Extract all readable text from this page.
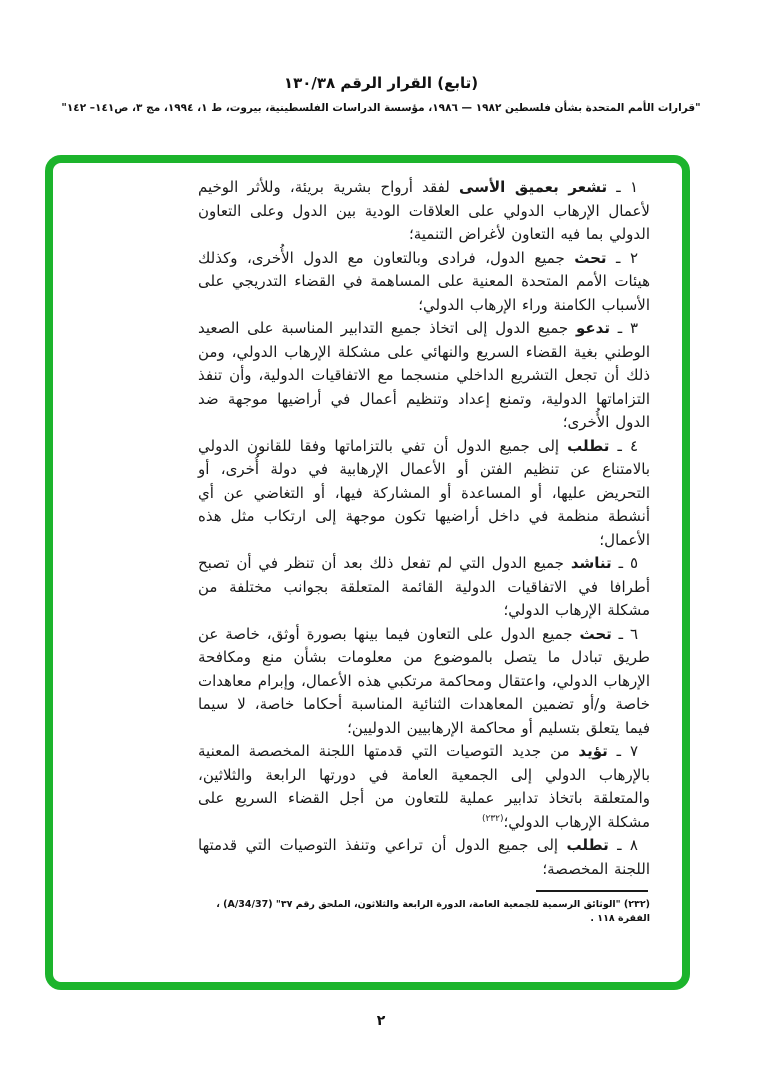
(تابع) القرار الرقم ١٣٠/٣٨
"قرارات الأمم المتحدة بشأن فلسطين ١٩٨٢ — ١٩٨٦، مؤسسة الدراسات الفلسطينية، بيروت، ط ١، ١٩٩٤، مج ٣، ص١٤١– ١٤٢"

١ ـ تشعر بعميق الأسى لفقد أرواح بشرية بريئة، وللأثر الوخيم لأعمال الإرهاب الدولي على العلاقات الودية بين الدول وعلى التعاون الدولي بما فيه التعاون لأغراض التنمية؛

٢ ـ تحث جميع الدول، فرادى وبالتعاون مع الدول الأُخرى، وكذلك هيئات الأمم المتحدة المعنية على المساهمة في القضاء التدريجي على الأسباب الكامنة وراء الإرهاب الدولي؛

٣ ـ تدعو جميع الدول إلى اتخاذ جميع التدابير المناسبة على الصعيد الوطني بغية القضاء السريع والنهائي على مشكلة الإرهاب الدولي، ومن ذلك أن تجعل التشريع الداخلي منسجما مع الاتفاقيات الدولية، وأن تنفذ التزاماتها الدولية، وتمنع إعداد وتنظيم أعمال في أراضيها موجهة ضد الدول الأُخرى؛

٤ ـ تطلب إلى جميع الدول أن تفي بالتزاماتها وفقا للقانون الدولي بالامتناع عن تنظيم الفتن أو الأعمال الإرهابية في دولة أُخرى، أو التحريض عليها، أو المساعدة أو المشاركة فيها، أو التغاضي عن أي أنشطة منظمة في داخل أراضيها تكون موجهة إلى ارتكاب مثل هذه الأعمال؛

٥ ـ تناشد جميع الدول التي لم تفعل ذلك بعد أن تنظر في أن تصبح أطرافا في الاتفاقيات الدولية القائمة المتعلقة بجوانب مختلفة من مشكلة الإرهاب الدولي؛

٦ ـ تحث جميع الدول على التعاون فيما بينها بصورة أوثق، خاصة عن طريق تبادل ما يتصل بالموضوع من معلومات بشأن منع ومكافحة الإرهاب الدولي، واعتقال ومحاكمة مرتكبي هذه الأعمال، وإبرام معاهدات خاصة و/أو تضمين المعاهدات الثنائية المناسبة أحكاما خاصة، لا سيما فيما يتعلق بتسليم أو محاكمة الإرهابيين الدوليين؛

٧ ـ تؤيد من جديد التوصيات التي قدمتها اللجنة المخصصة المعنية بالإرهاب الدولي إلى الجمعية العامة في دورتها الرابعة والثلاثين، والمتعلقة باتخاذ تدابير عملية للتعاون من أجل القضاء السريع على مشكلة الإرهاب الدولي؛$^{(٢٣٢)}$

٨ ـ تطلب إلى جميع الدول أن تراعي وتنفذ التوصيات التي قدمتها اللجنة المخصصة؛

(٢٣٢) "الوثائق الرسمية للجمعية العامة، الدورة الرابعة والثلاثون، الملحق رقم ٣٧" (A/34/37) ، الفقرة ١١٨ .
٢
